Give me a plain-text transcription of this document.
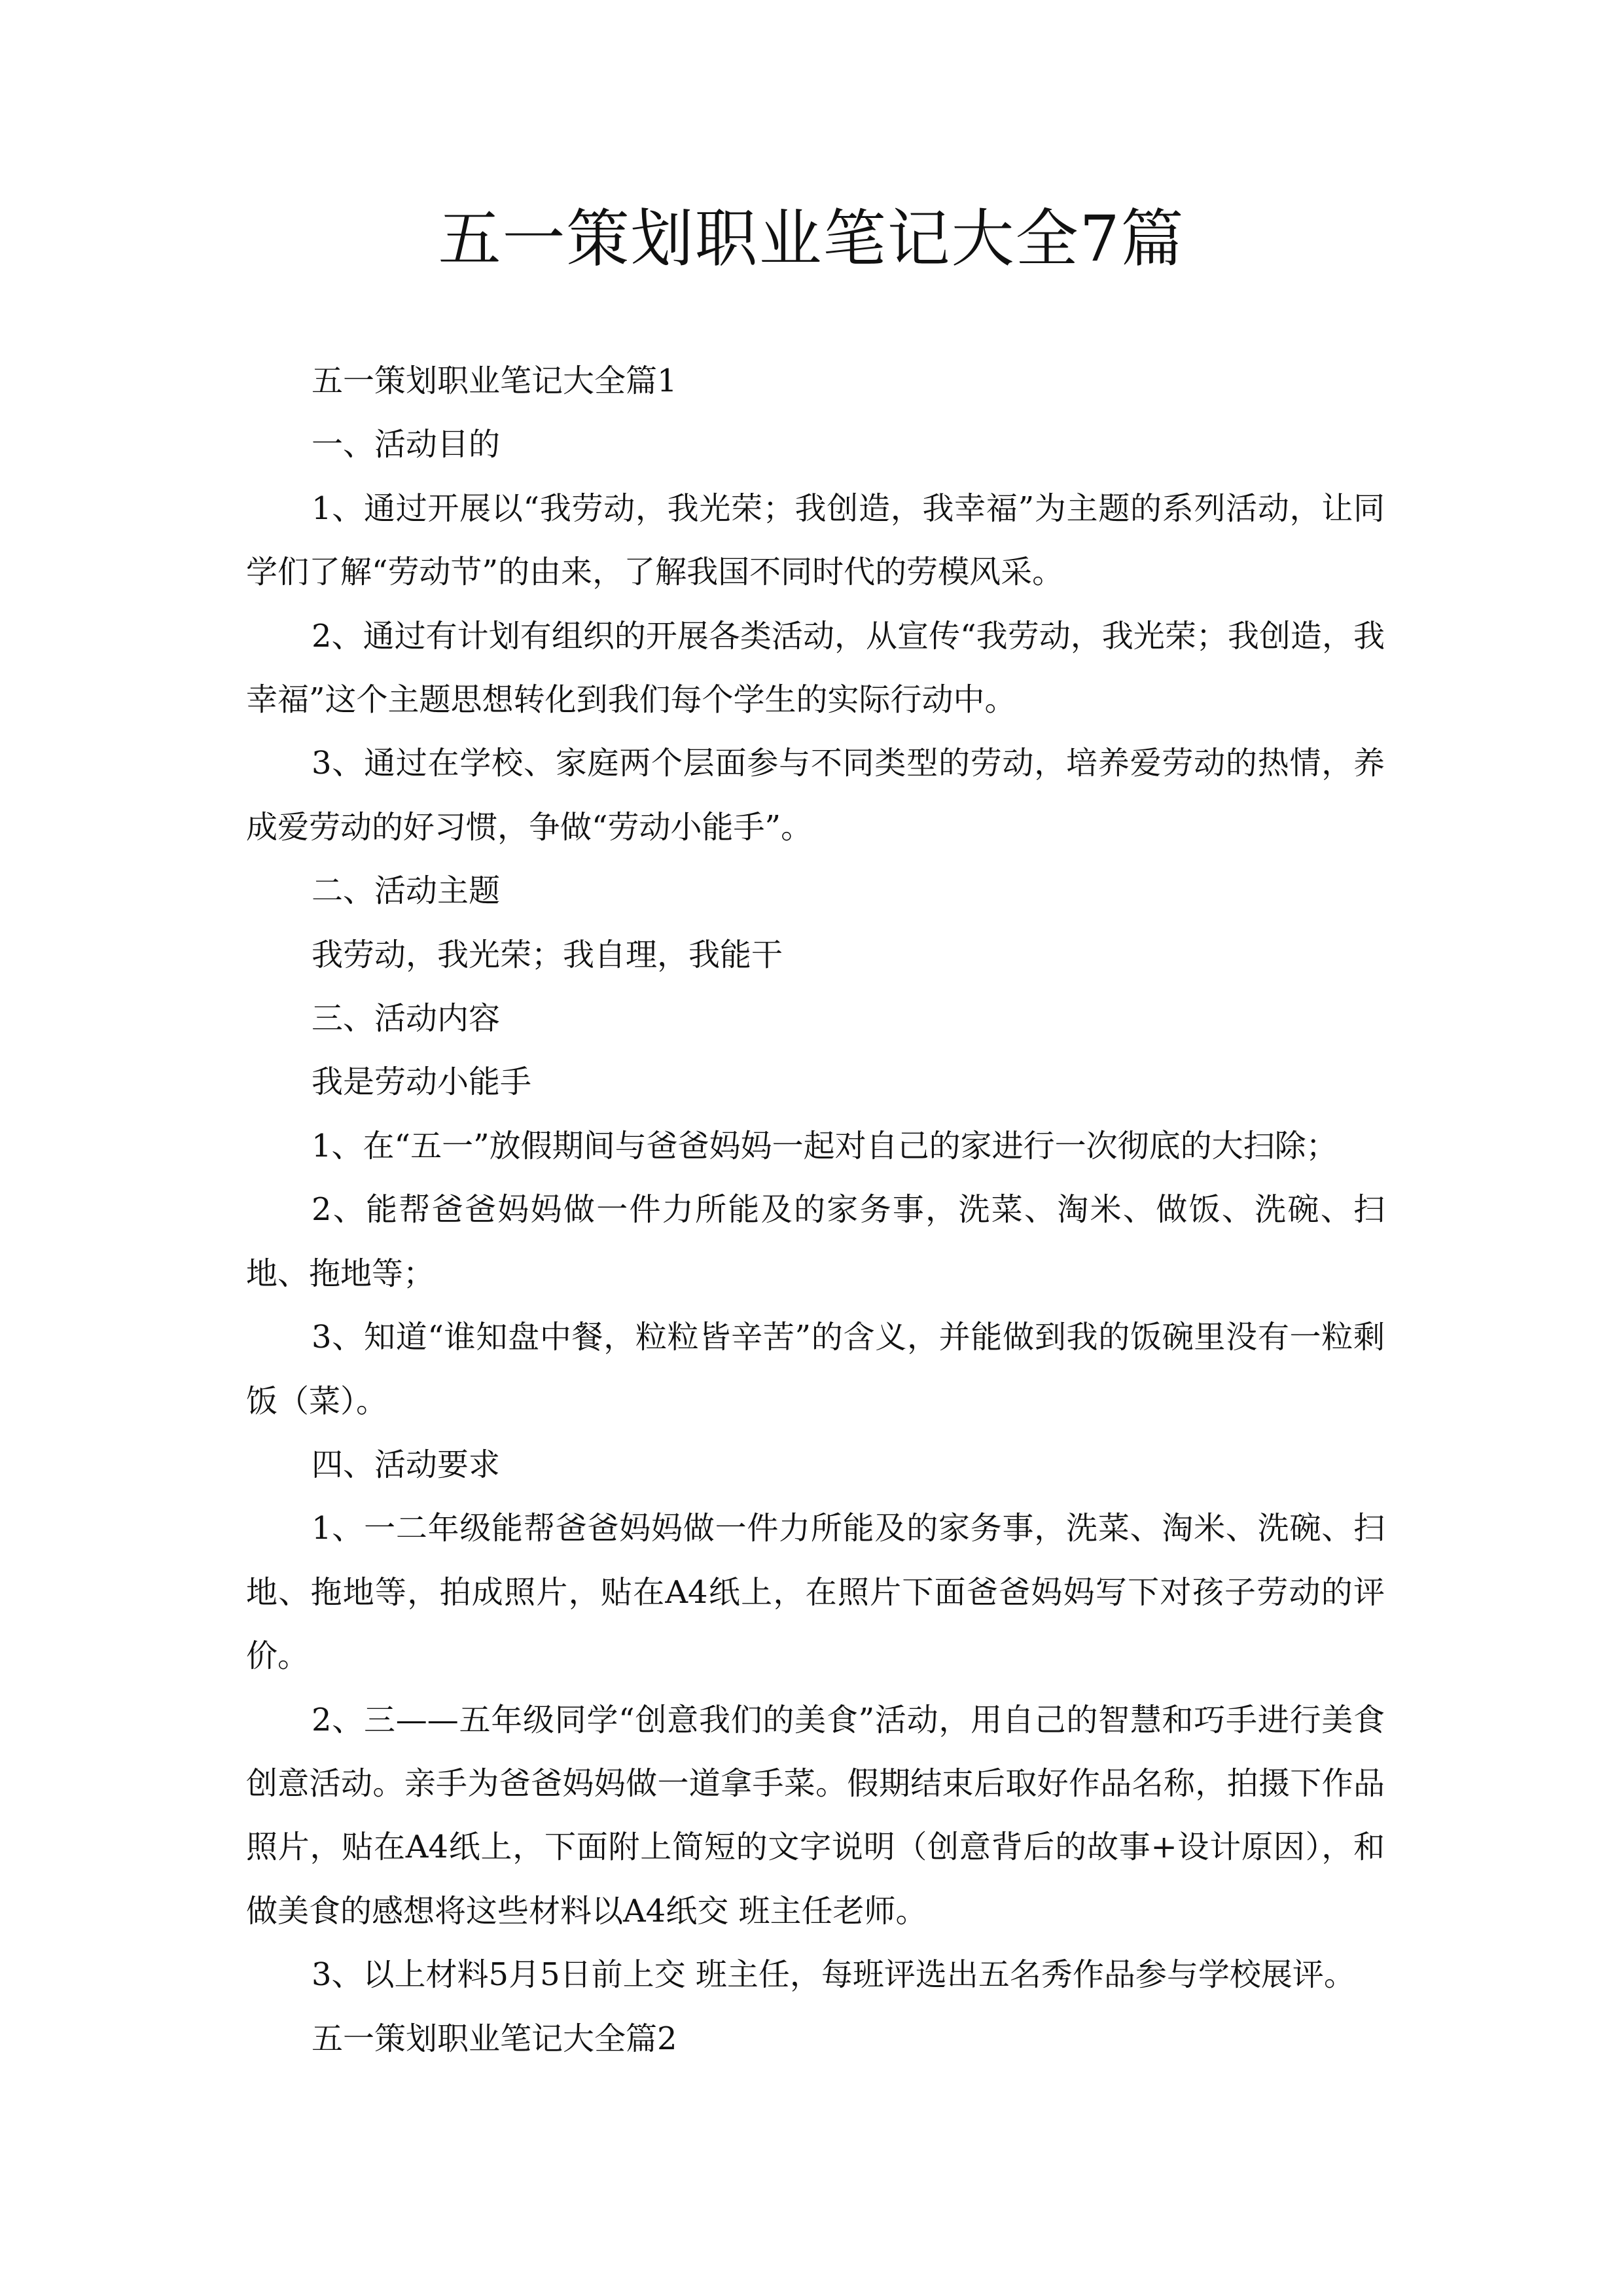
五一策划职业笔记大全7篇

五一策划职业笔记大全篇1

一、活动目的

1、通过开展以“我劳动，我光荣；我创造，我幸福”为主题的系列活动，让同学们了解“劳动节”的由来，了解我国不同时代的劳模风采。

2、通过有计划有组织的开展各类活动，从宣传“我劳动，我光荣；我创造，我幸福”这个主题思想转化到我们每个学生的实际行动中。

3、通过在学校、家庭两个层面参与不同类型的劳动，培养爱劳动的热情，养成爱劳动的好习惯，争做“劳动小能手”。

二、活动主题

我劳动，我光荣；我自理，我能干

三、活动内容

我是劳动小能手

1、在“五一”放假期间与爸爸妈妈一起对自己的家进行一次彻底的大扫除；

2、能帮爸爸妈妈做一件力所能及的家务事，洗菜、淘米、做饭、洗碗、扫地、拖地等；

3、知道“谁知盘中餐，粒粒皆辛苦”的含义，并能做到我的饭碗里没有一粒剩饭（菜）。

四、活动要求

1、一二年级能帮爸爸妈妈做一件力所能及的家务事，洗菜、淘米、洗碗、扫地、拖地等，拍成照片，贴在A4纸上，在照片下面爸爸妈妈写下对孩子劳动的评价。

2、三——五年级同学“创意我们的美食”活动，用自己的智慧和巧手进行美食创意活动。亲手为爸爸妈妈做一道拿手菜。假期结束后取好作品名称，拍摄下作品照片，贴在A4纸上，下面附上简短的文字说明（创意背后的故事+设计原因），和做美食的感想将这些材料以A4纸交 班主任老师。

3、以上材料5月5日前上交 班主任，每班评选出五名秀作品参与学校展评。

五一策划职业笔记大全篇2
